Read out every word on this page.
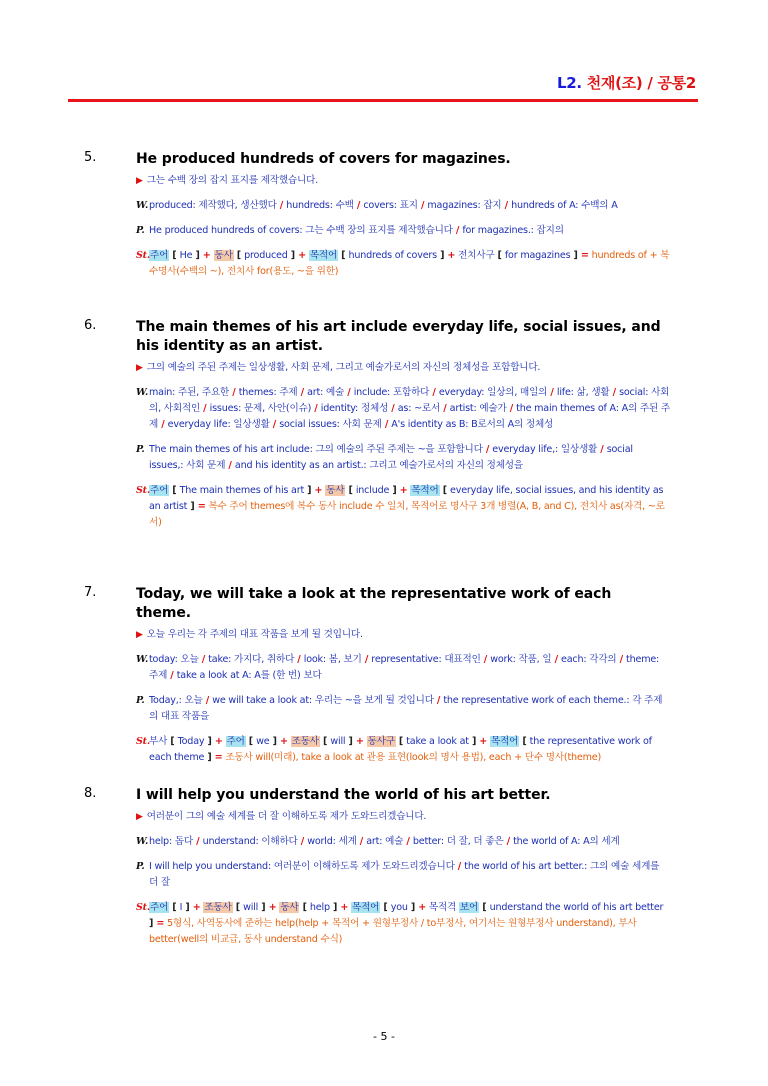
L2. 천재(조) / 공통2
5.	He produced hundreds of covers for magazines.
▶ 그는 수백 장의 잡지 표지를 제작했습니다.
W. produced: 제작했다, 생산했다 / hundreds: 수백 / covers: 표지 / magazines: 잡지 / hundreds of A: 수백의 A
P. He produced hundreds of covers: 그는 수백 장의 표지를 제작했습니다 / for magazines.: 잡지의
St. 주어 [ He ] + 동사 [ produced ] + 목적어 [ hundreds of covers ] + 전치사구 [ for magazines ] = hundreds of + 복수명사(수백의 ~), 전치사 for(용도, ~을 위한)
6.	The main themes of his art include everyday life, social issues, and his identity as an artist.
▶ 그의 예술의 주된 주제는 일상생활, 사회 문제, 그리고 예술가로서의 자신의 정체성을 포함합니다.
W. main: 주된, 주요한 / themes: 주제 / art: 예술 / include: 포함하다 / everyday: 일상의, 매일의 / life: 삶, 생활 / social: 사회의, 사회적인 / issues: 문제, 사안(이슈) / identity: 정체성 / as: ~로서 / artist: 예술가 / the main themes of A: A의 주된 주제 / everyday life: 일상생활 / social issues: 사회 문제 / A's identity as B: B로서의 A의 정체성
P. The main themes of his art include: 그의 예술의 주된 주제는 ~을 포함합니다 / everyday life,: 일상생활 / social issues,: 사회 문제 / and his identity as an artist.: 그리고 예술가로서의 자신의 정체성을
St. 주어 [ The main themes of his art ] + 동사 [ include ] + 목적어 [ everyday life, social issues, and his identity as an artist ] = 복수 주어 themes에 복수 동사 include 수 일치, 목적어로 명사구 3개 병렬(A, B, and C), 전치사 as(자격, ~로서)
7.	Today, we will take a look at the representative work of each theme.
▶ 오늘 우리는 각 주제의 대표 작품을 보게 될 것입니다.
W. today: 오늘 / take: 가지다, 취하다 / look: 봄, 보기 / representative: 대표적인 / work: 작품, 일 / each: 각각의 / theme: 주제 / take a look at A: A를 (한 번) 보다
P. Today,: 오늘 / we will take a look at: 우리는 ~을 보게 될 것입니다 / the representative work of each theme.: 각 주제의 대표 작품을
St. 부사 [ Today ] + 주어 [ we ] + 조동사 [ will ] + 동사구 [ take a look at ] + 목적어 [ the representative work of each theme ] = 조동사 will(미래), take a look at 관용 표현(look의 명사 용법), each + 단수 명사(theme)
8.	I will help you understand the world of his art better.
▶ 여러분이 그의 예술 세계를 더 잘 이해하도록 제가 도와드리겠습니다.
W. help: 돕다 / understand: 이해하다 / world: 세계 / art: 예술 / better: 더 잘, 더 좋은 / the world of A: A의 세계
P. I will help you understand: 여러분이 이해하도록 제가 도와드리겠습니다 / the world of his art better.: 그의 예술 세계를 더 잘
St. 주어 [ I ] + 조동사 [ will ] + 동사 [ help ] + 목적어 [ you ] + 목적격 보어 [ understand the world of his art better ] = 5형식, 사역동사에 준하는 help(help + 목적어 + 원형부정사 / to부정사, 여기서는 원형부정사 understand), 부사 better(well의 비교급, 동사 understand 수식)
- 5 -
